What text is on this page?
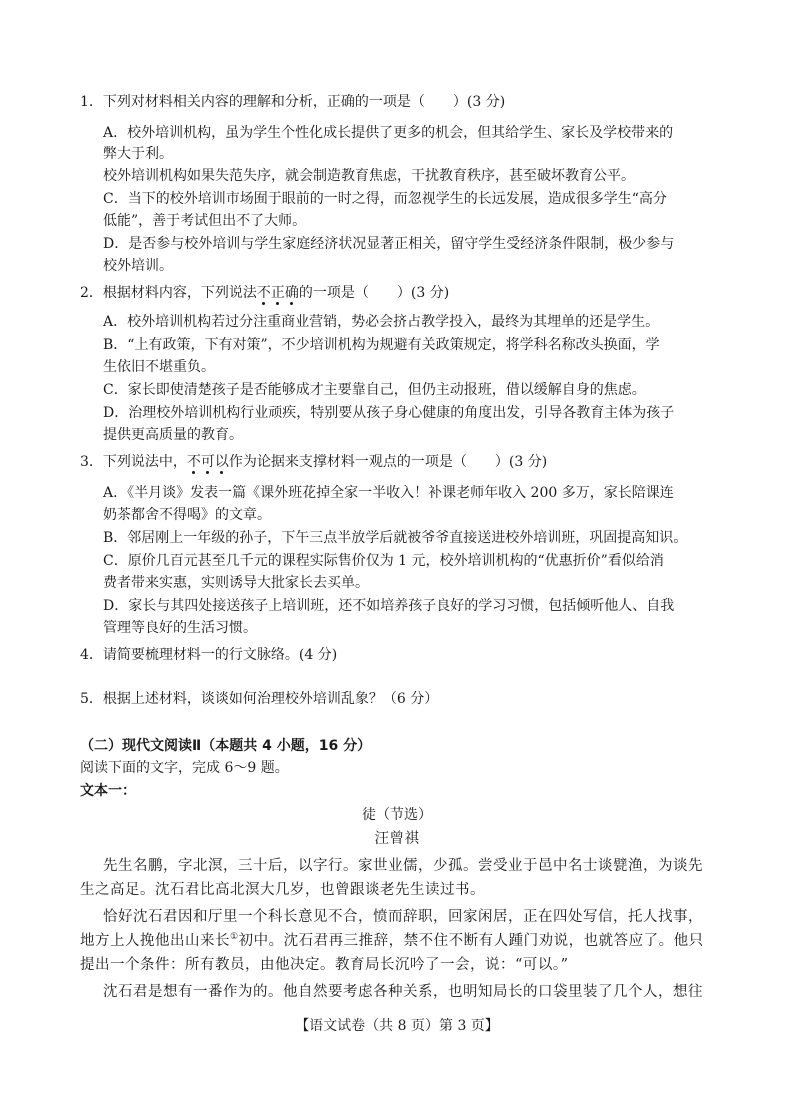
1．下列对材料相关内容的理解和分析，正确的一项是（ ）(3 分)
A．校外培训机构，虽为学生个性化成长提供了更多的机会，但其给学生、家长及学校带来的
弊大于利。
校外培训机构如果失范失序，就会制造教育焦虑，干扰教育秩序，甚至破坏教育公平。
C．当下的校外培训市场囿于眼前的一时之得，而忽视学生的长远发展，造成很多学生“高分
低能”，善于考试但出不了大师。
D．是否参与校外培训与学生家庭经济状况显著正相关，留守学生受经济条件限制，极少参与
校外培训。
2．根据材料内容，下列说法不正确的一项是（ ）(3 分)
A．校外培训机构若过分注重商业营销，势必会挤占教学投入，最终为其埋单的还是学生。
B．“上有政策，下有对策”，不少培训机构为规避有关政策规定，将学科名称改头换面，学
生依旧不堪重负。
C．家长即使清楚孩子是否能够成才主要靠自己，但仍主动报班，借以缓解自身的焦虑。
D．治理校外培训机构行业顽疾，特别要从孩子身心健康的角度出发，引导各教育主体为孩子
提供更高质量的教育。
3．下列说法中，不可以作为论据来支撑材料一观点的一项是（ ）(3 分)
A．《半月谈》发表一篇《课外班花掉全家一半收入！补课老师年收入 200 多万，家长陪课连
奶茶都舍不得喝》的文章。
B．邻居刚上一年级的孙子，下午三点半放学后就被爷爷直接送进校外培训班，巩固提高知识。
C．原价几百元甚至几千元的课程实际售价仅为 1 元，校外培训机构的“优惠折价”看似给消
费者带来实惠，实则诱导大批家长去买单。
D．家长与其四处接送孩子上培训班，还不如培养孩子良好的学习习惯，包括倾听他人、自我
管理等良好的生活习惯。
4．请简要梳理材料一的行文脉络。(4 分)
5．根据上述材料，谈谈如何治理校外培训乱象？（6 分）
（二）现代文阅读Ⅱ（本题共 4 小题，16 分）
阅读下面的文字，完成 6～9 题。
文本一：
徒（节选）
汪曾祺
先生名鹏，字北溟，三十后，以字行。家世业儒，少孤。尝受业于邑中名士谈甓渔，为谈先
生之高足。沈石君比高北溟大几岁，也曾跟谈老先生读过书。
恰好沈石君因和厅里一个科长意见不合，愤而辞职，回家闲居，正在四处写信，托人找事，
地方上人挽他出山来长①初中。沈石君再三推辞，禁不住不断有人踵门劝说，也就答应了。他只
提出一个条件：所有教员，由他决定。教育局长沉吟了一会，说：“可以。”
沈石君是想有一番作为的。他自然要考虑各种关系，也明知局长的口袋里装了几个人，想往
【语文试卷（共 8 页）第 3 页】
